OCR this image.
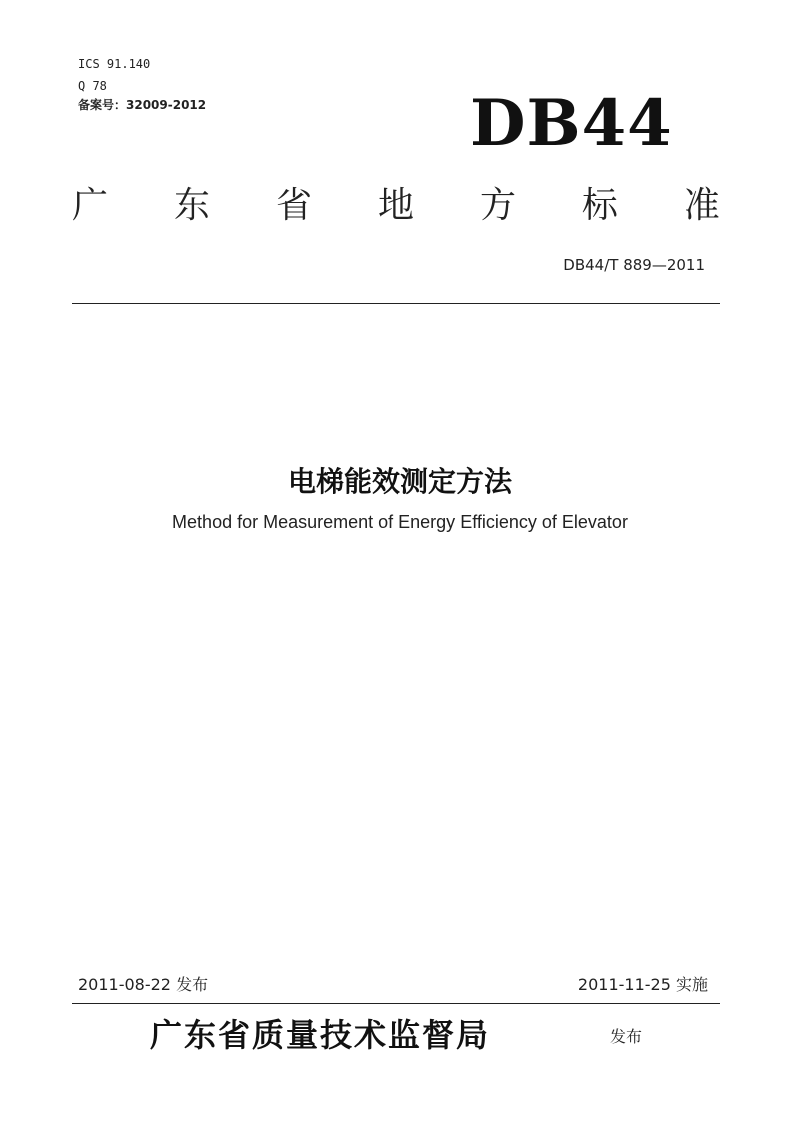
ICS 91.140
Q 78
备案号：32009-2012	DB44
广 东 省 地 方 标 准
DB44/T 889—2011
电梯能效测定方法
Method for Measurement of Energy Efficiency of Elevator
2011-08-22 发布	2011-11-25 实施
广东省质量技术监督局	发布
